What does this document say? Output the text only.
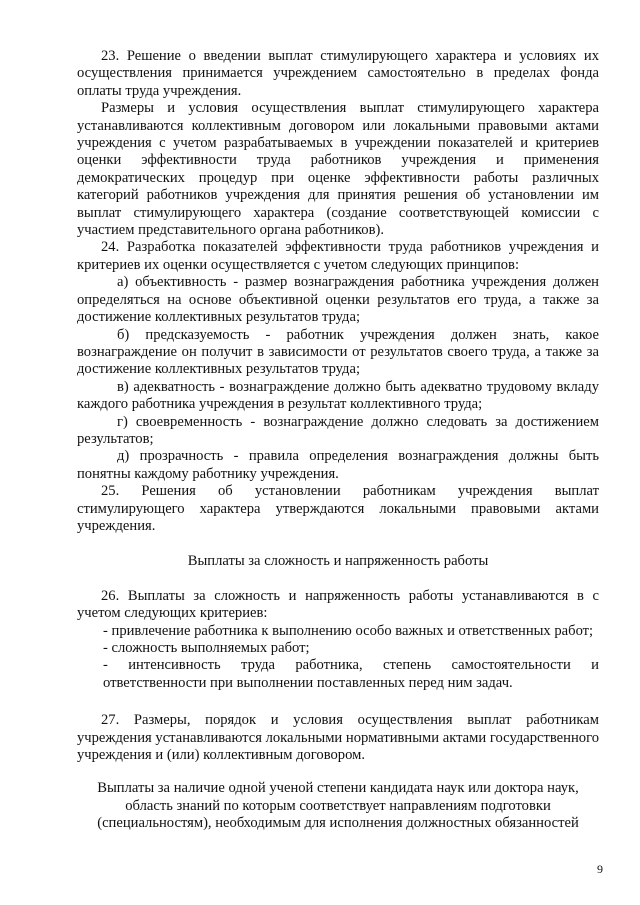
23. Решение о введении выплат стимулирующего характера и условиях их осуществления принимается учреждением самостоятельно в пределах фонда оплаты труда учреждения.

Размеры и условия осуществления выплат стимулирующего характера устанавливаются коллективным договором или локальными правовыми актами учреждения с учетом разрабатываемых в учреждении показателей и критериев оценки эффективности труда работников учреждения и применения демократических процедур при оценке эффективности работы различных категорий работников учреждения для принятия решения об установлении им выплат стимулирующего характера (создание соответствующей комиссии с участием представительного органа работников).

24. Разработка показателей эффективности труда работников учреждения и критериев их оценки осуществляется с учетом следующих принципов:

а) объективность - размер вознаграждения работника учреждения должен определяться на основе объективной оценки результатов его труда, а также за достижение коллективных результатов труда;

б) предсказуемость - работник учреждения должен знать, какое вознаграждение он получит в зависимости от результатов своего труда, а также за достижение коллективных результатов труда;

в) адекватность - вознаграждение должно быть адекватно трудовому вкладу каждого работника учреждения в результат коллективного труда;

г) своевременность - вознаграждение должно следовать за достижением результатов;

д) прозрачность - правила определения вознаграждения должны быть понятны каждому работнику учреждения.

25. Решения об установлении работникам учреждения выплат стимулирующего характера утверждаются локальными правовыми актами учреждения.

Выплаты за сложность и напряженность работы

26. Выплаты за сложность и напряженность работы устанавливаются в с учетом следующих критериев:

- привлечение работника к выполнению особо важных и ответственных работ;

- сложность выполняемых работ;

- интенсивность труда работника, степень самостоятельности и ответственности при выполнении поставленных перед ним задач.

27. Размеры, порядок и условия осуществления выплат работникам учреждения устанавливаются локальными нормативными актами государственного учреждения и (или) коллективным договором.

Выплаты за наличие одной ученой степени кандидата наук или доктора наук, область знаний по которым соответствует направлениям подготовки (специальностям), необходимым для исполнения должностных обязанностей

9
